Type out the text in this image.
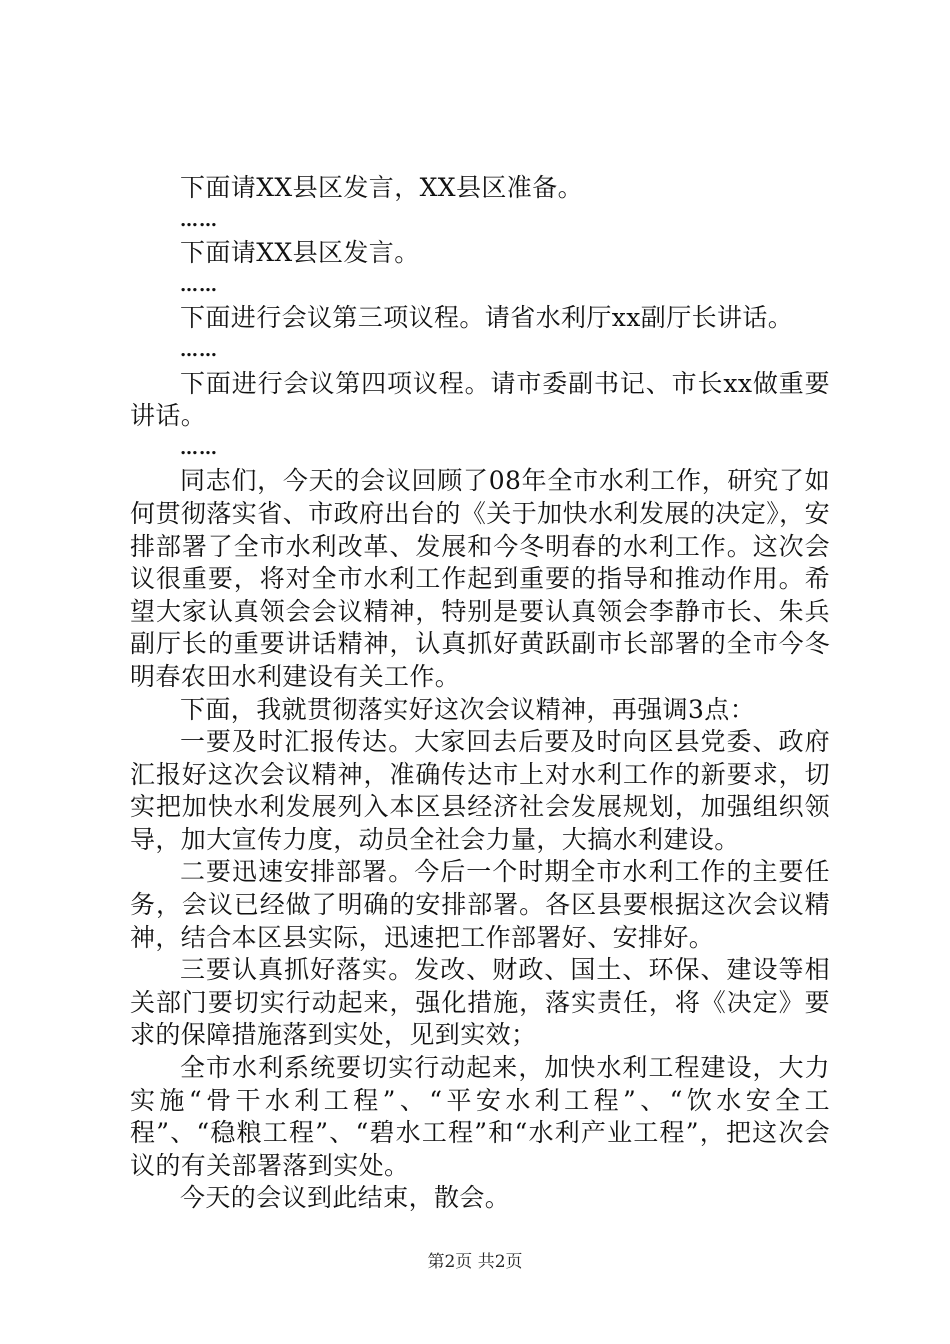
下面请XX县区发言，XX县区准备。

……

下面请XX县区发言。

……

下面进行会议第三项议程。请省水利厅xx副厅长讲话。

……

下面进行会议第四项议程。请市委副书记、市长xx做重要讲话。

……

同志们，今天的会议回顾了08年全市水利工作，研究了如何贯彻落实省、市政府出台的《关于加快水利发展的决定》，安排部署了全市水利改革、发展和今冬明春的水利工作。这次会议很重要，将对全市水利工作起到重要的指导和推动作用。希望大家认真领会会议精神，特别是要认真领会李静市长、朱兵副厅长的重要讲话精神，认真抓好黄跃副市长部署的全市今冬明春农田水利建设有关工作。

下面，我就贯彻落实好这次会议精神，再强调3点：

一要及时汇报传达。大家回去后要及时向区县党委、政府汇报好这次会议精神，准确传达市上对水利工作的新要求，切实把加快水利发展列入本区县经济社会发展规划，加强组织领导，加大宣传力度，动员全社会力量，大搞水利建设。

二要迅速安排部署。今后一个时期全市水利工作的主要任务，会议已经做了明确的安排部署。各区县要根据这次会议精神，结合本区县实际，迅速把工作部署好、安排好。

三要认真抓好落实。发改、财政、国土、环保、建设等相关部门要切实行动起来，强化措施，落实责任，将《决定》要求的保障措施落到实处，见到实效；

全市水利系统要切实行动起来，加快水利工程建设，大力实施“骨干水利工程”、“平安水利工程”、“饮水安全工程”、“稳粮工程”、“碧水工程”和“水利产业工程”，把这次会议的有关部署落到实处。

今天的会议到此结束，散会。

第2页 共2页
